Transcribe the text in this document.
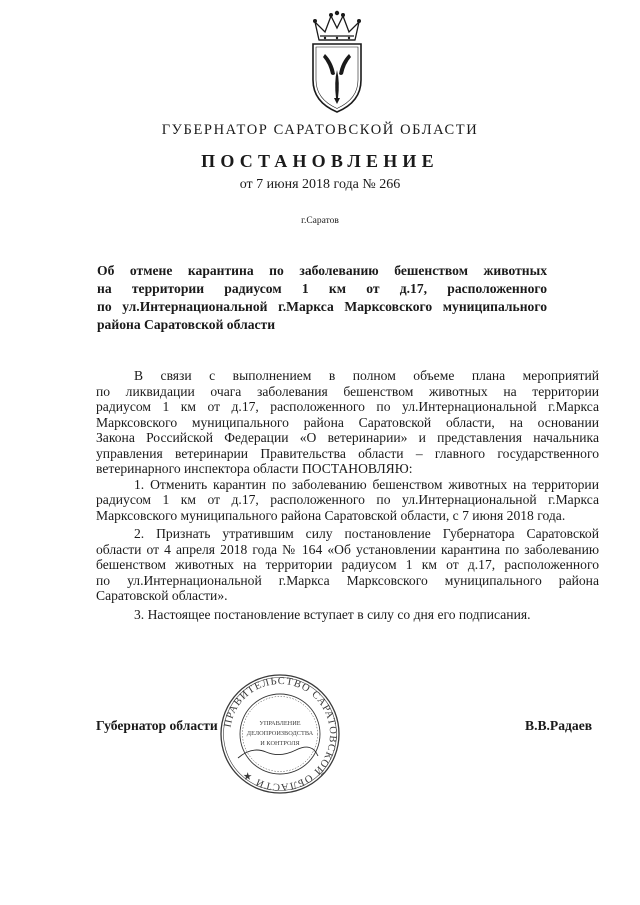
ГУБЕРНАТОР САРАТОВСКОЙ ОБЛАСТИ
ПОСТАНОВЛЕНИЕ
от 7 июня 2018 года № 266
г.Саратов
Об отмене карантина по заболеванию бешенством животных
на территории радиусом 1 км от д.17, расположенного
по ул.Интернациональной г.Маркса Марксовского муниципального
района Саратовской области
В связи с выполнением в полном объеме плана мероприятий
по ликвидации очага заболевания бешенством животных на территории
радиусом 1 км от д.17, расположенного по ул.Интернациональной г.Маркса
Марксовского муниципального района Саратовской области, на основании
Закона Российской Федерации «О ветеринарии» и представления начальника
управления ветеринарии Правительства области – главного государственного
ветеринарного инспектора области ПОСТАНОВЛЯЮ:
1. Отменить карантин по заболеванию бешенством животных на территории
радиусом 1 км от д.17, расположенного по ул.Интернациональной г.Маркса
Марксовского муниципального района Саратовской области, с 7 июня 2018 года.
2. Признать утратившим силу постановление Губернатора Саратовской
области от 4 апреля 2018 года № 164 «Об установлении карантина по заболеванию
бешенством животных на территории радиусом 1 км от д.17, расположенного
по ул.Интернациональной г.Маркса Марксовского муниципального района
Саратовской области».
3. Настоящее постановление вступает в силу со дня его подписания.
ПРАВИТЕЛЬСТВО САРАТОВСКОЙ ОБЛАСТИ ★
УПРАВЛЕНИЕ
ДЕЛОПРОИЗВОДСТВА
И КОНТРОЛЯ
Губернатор области	В.В.Радаев
